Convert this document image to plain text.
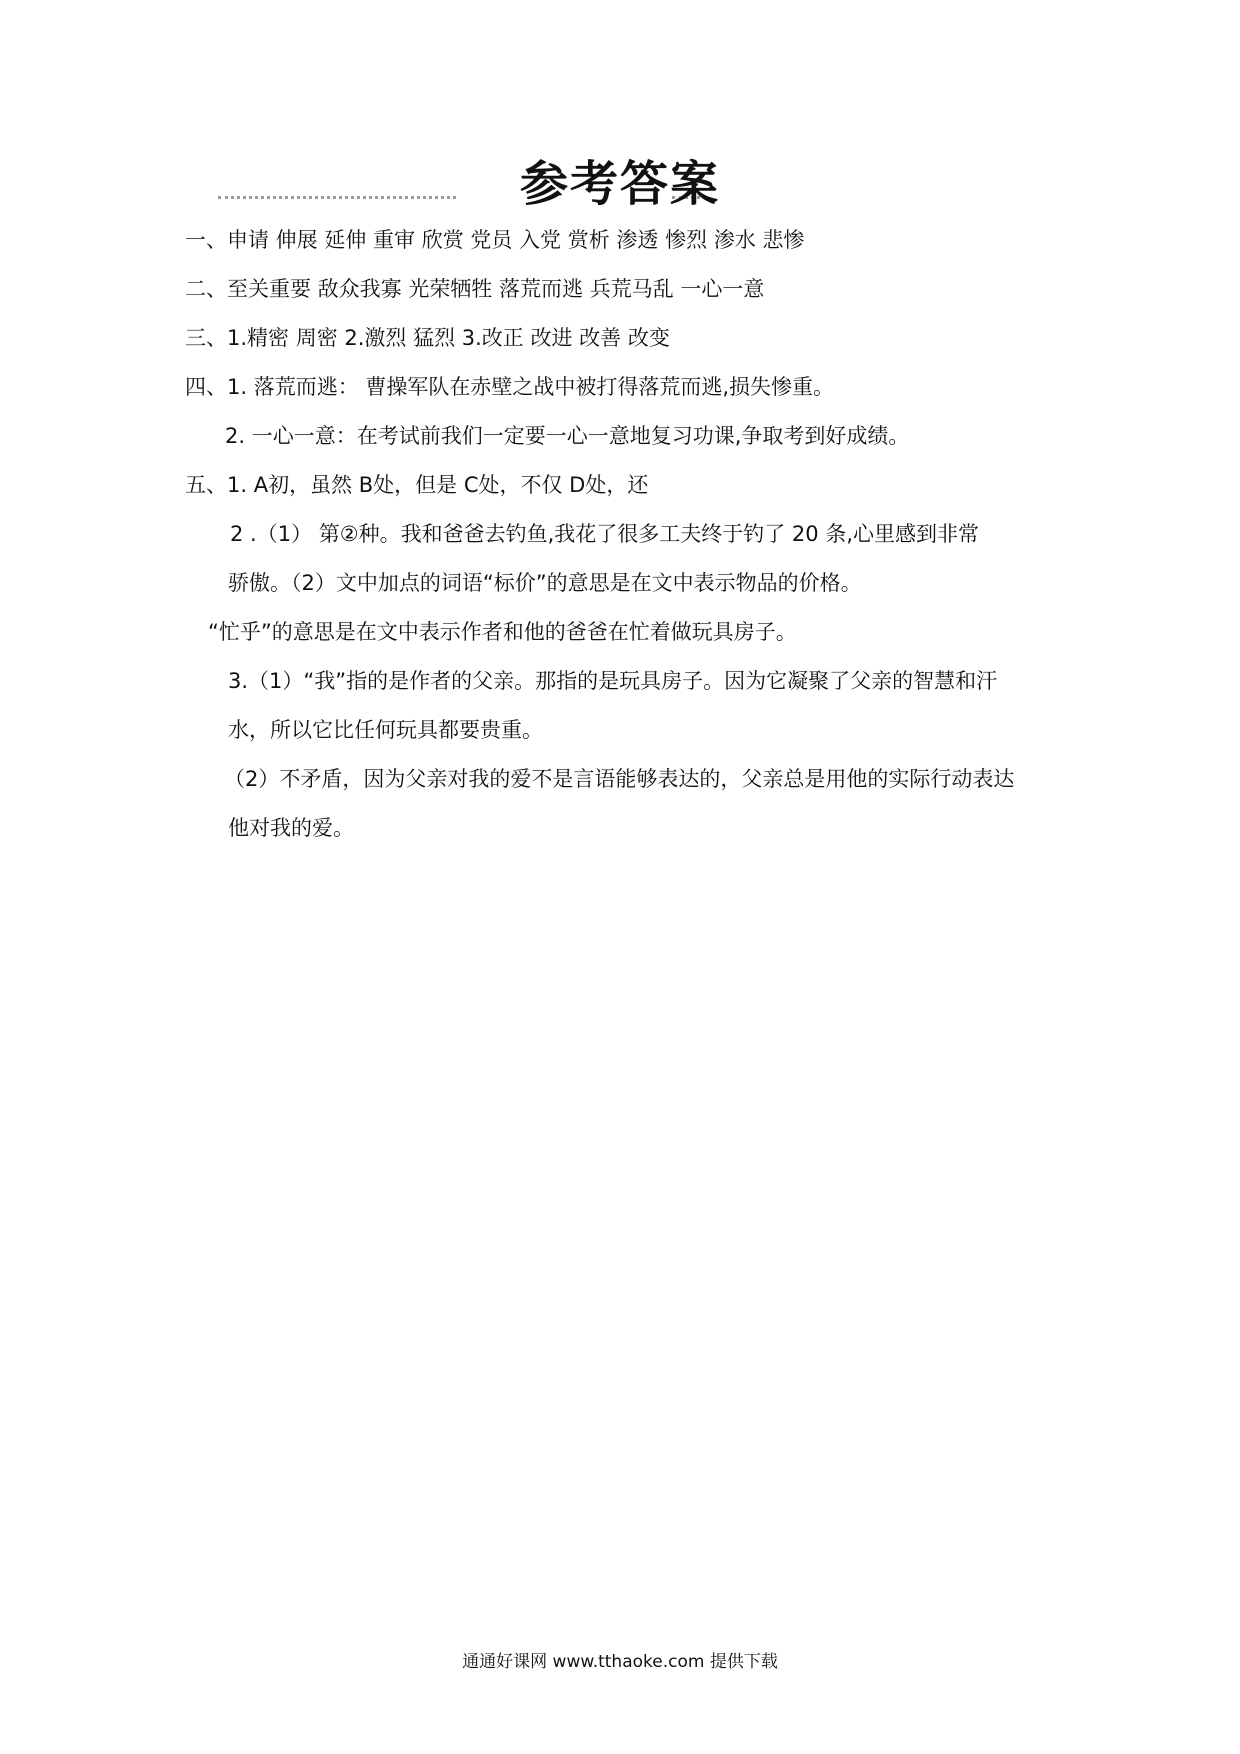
参考答案
一、申请 伸展 延伸 重审 欣赏 党员 入党 赏析 渗透 惨烈 渗水 悲惨
二、至关重要 敌众我寡 光荣牺牲 落荒而逃 兵荒马乱 一心一意
三、1.精密 周密 2.激烈 猛烈 3.改正 改进 改善 改变
四、1. 落荒而逃： 曹操军队在赤壁之战中被打得落荒而逃,损失惨重。
2. 一心一意：在考试前我们一定要一心一意地复习功课,争取考到好成绩。
五、1. A初，虽然 B处，但是 C处，不仅 D处，还
2 .（1） 第②种。我和爸爸去钓鱼,我花了很多工夫终于钓了 20 条,心里感到非常
骄傲。（2）文中加点的词语“标价”的意思是在文中表示物品的价格。
“忙乎”的意思是在文中表示作者和他的爸爸在忙着做玩具房子。
3.（1）“我”指的是作者的父亲。那指的是玩具房子。因为它凝聚了父亲的智慧和汗
水，所以它比任何玩具都要贵重。
（2）不矛盾，因为父亲对我的爱不是言语能够表达的，父亲总是用他的实际行动表达
他对我的爱。
通通好课网 www.tthaoke.com 提供下载
